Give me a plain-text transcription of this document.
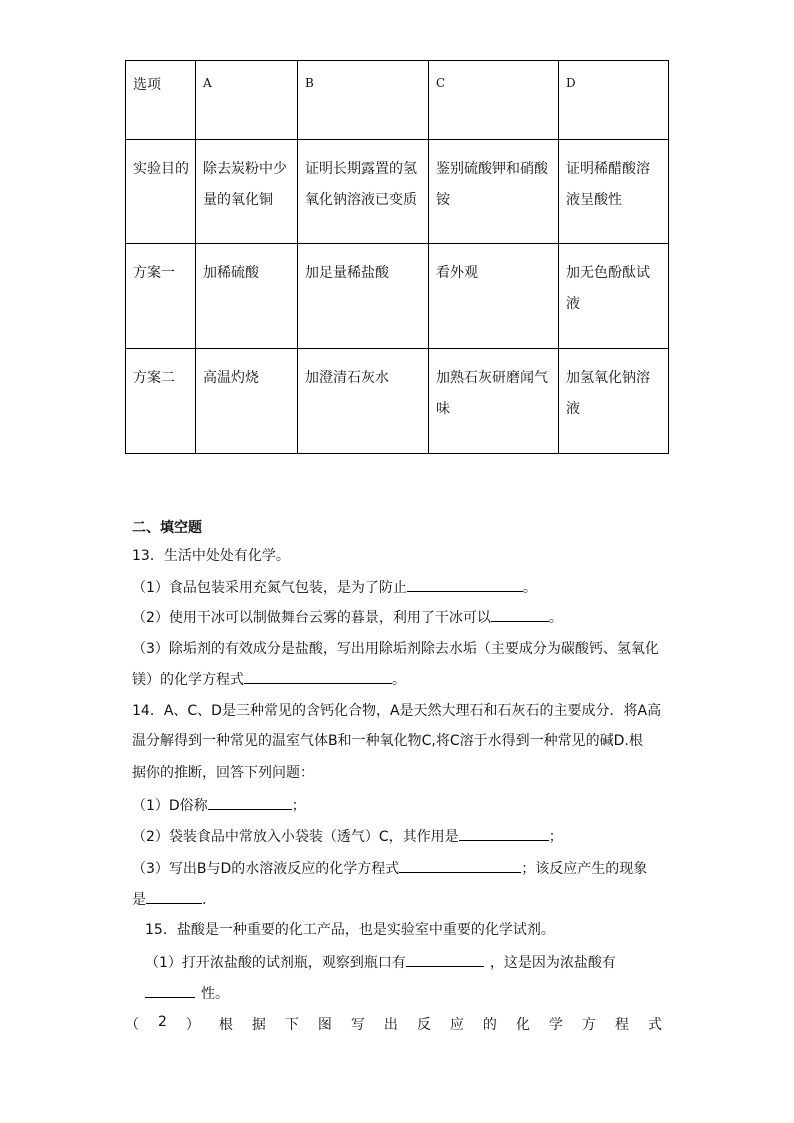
选项	A	B	C	D
实验目的	除去炭粉中少量的氧化铜	证明长期露置的氢氧化钠溶液已变质	鉴别硫酸钾和硝酸铵	证明稀醋酸溶液呈酸性
方案一	加稀硫酸	加足量稀盐酸	看外观	加无色酚酞试液
方案二	高温灼烧	加澄清石灰水	加熟石灰研磨闻气味	加氢氧化钠溶液
二、填空题
13．生活中处处有化学。
（1）食品包装采用充氮气包装，是为了防止	。
（2）使用干冰可以制做舞台云雾的暮景，利用了干冰可以	。
（3）除垢剂的有效成分是盐酸，写出用除垢剂除去水垢（主要成分为碳酸钙、氢氧化
镁）的化学方程式	。
14．A、C、D是三种常见的含钙化合物，A是天然大理石和石灰石的主要成分．将A高
温分解得到一种常见的温室气体B和一种氧化物C,将C溶于水得到一种常见的碱D.根
据你的推断，回答下列问题：
（1）D俗称	；
（2）袋装食品中常放入小袋装（透气）C，其作用是	；
（3）写出B与D的水溶液反应的化学方程式	；该反应产生的现象
是	.
15．盐酸是一种重要的化工产品，也是实验室中重要的化学试剂。
（1）打开浓盐酸的试剂瓶，观察到瓶口有	，这是因为浓盐酸有
性。
（ 2 ） 根 据 下 图 写 出 反 应 的 化 学 方 程 式
